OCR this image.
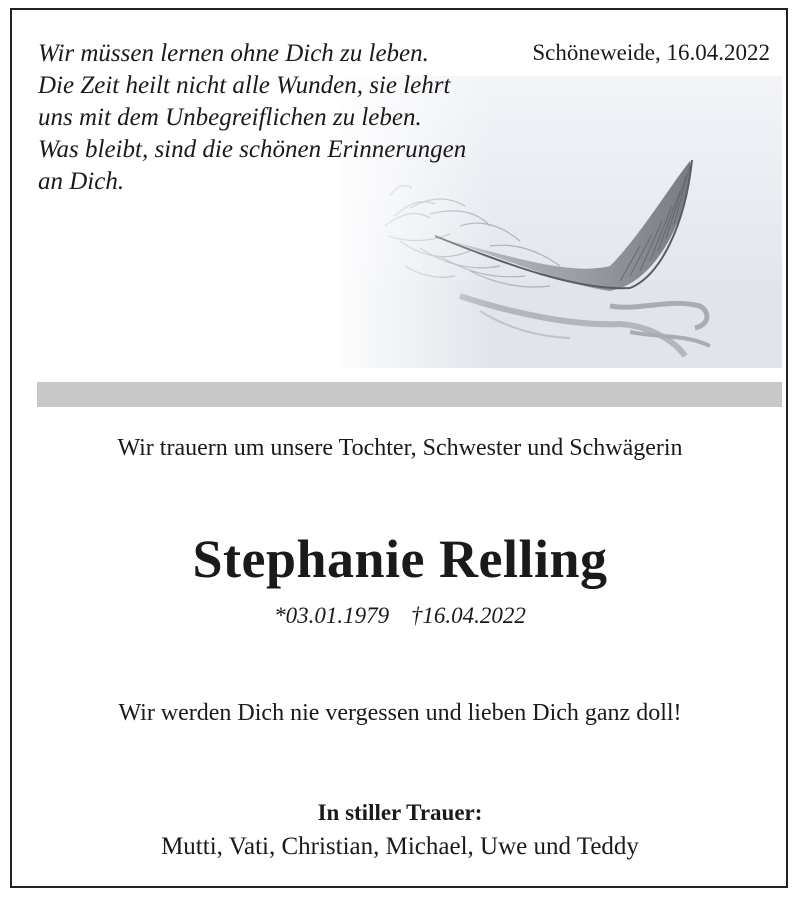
Wir müssen lernen ohne Dich zu leben.
Die Zeit heilt nicht alle Wunden, sie lehrt
uns mit dem Unbegreiflichen zu leben.
Was bleibt, sind die schönen Erinnerungen
an Dich.
Schöneweide, 16.04.2022
Wir trauern um unsere Tochter, Schwester und Schwägerin
Stephanie Relling
*03.01.1979 †16.04.2022
Wir werden Dich nie vergessen und lieben Dich ganz doll!
In stiller Trauer:
Mutti, Vati, Christian, Michael, Uwe und Teddy
